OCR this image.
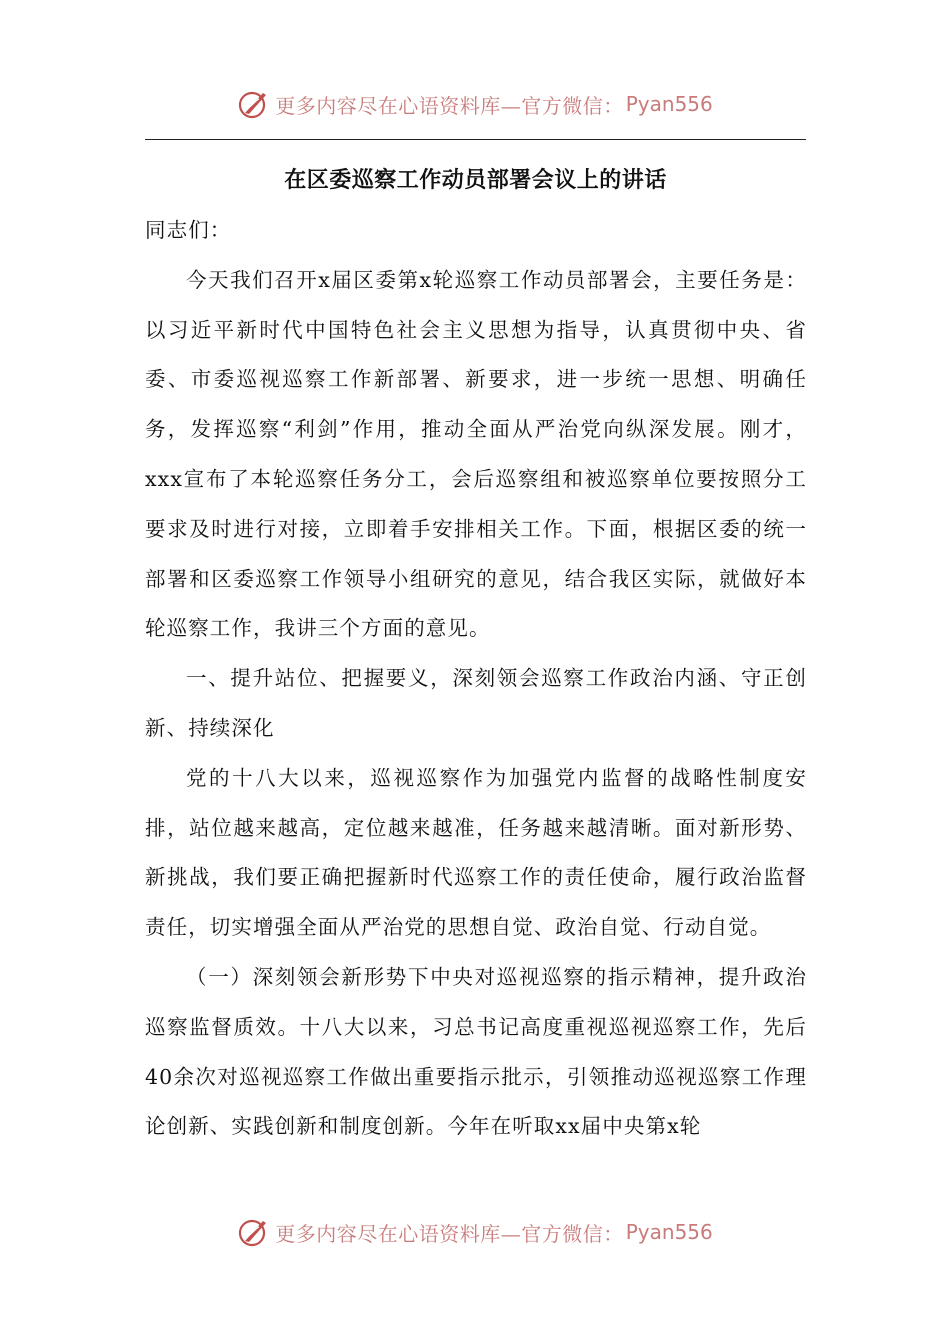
更多内容尽在心语资料库—官方微信： Pyan556
在区委巡察工作动员部署会议上的讲话

同志们：

今天我们召开x届区委第x轮巡察工作动员部署会，主要任务是：以习近平新时代中国特色社会主义思想为指导，认真贯彻中央、省委、市委巡视巡察工作新部署、新要求，进一步统一思想、明确任务，发挥巡察“利剑”作用，推动全面从严治党向纵深发展。刚才，xxx宣布了本轮巡察任务分工，会后巡察组和被巡察单位要按照分工要求及时进行对接，立即着手安排相关工作。下面，根据区委的统一部署和区委巡察工作领导小组研究的意见，结合我区实际，就做好本轮巡察工作，我讲三个方面的意见。

一、提升站位、把握要义，深刻领会巡察工作政治内涵、守正创新、持续深化

党的十八大以来，巡视巡察作为加强党内监督的战略性制度安排，站位越来越高，定位越来越准，任务越来越清晰。面对新形势、新挑战，我们要正确把握新时代巡察工作的责任使命，履行政治监督责任，切实增强全面从严治党的思想自觉、政治自觉、行动自觉。

（一）深刻领会新形势下中央对巡视巡察的指示精神，提升政治巡察监督质效。十八大以来，习总书记高度重视巡视巡察工作，先后40余次对巡视巡察工作做出重要指示批示，引领推动巡视巡察工作理论创新、实践创新和制度创新。今年在听取xx届中央第x轮

更多内容尽在心语资料库—官方微信： Pyan556
